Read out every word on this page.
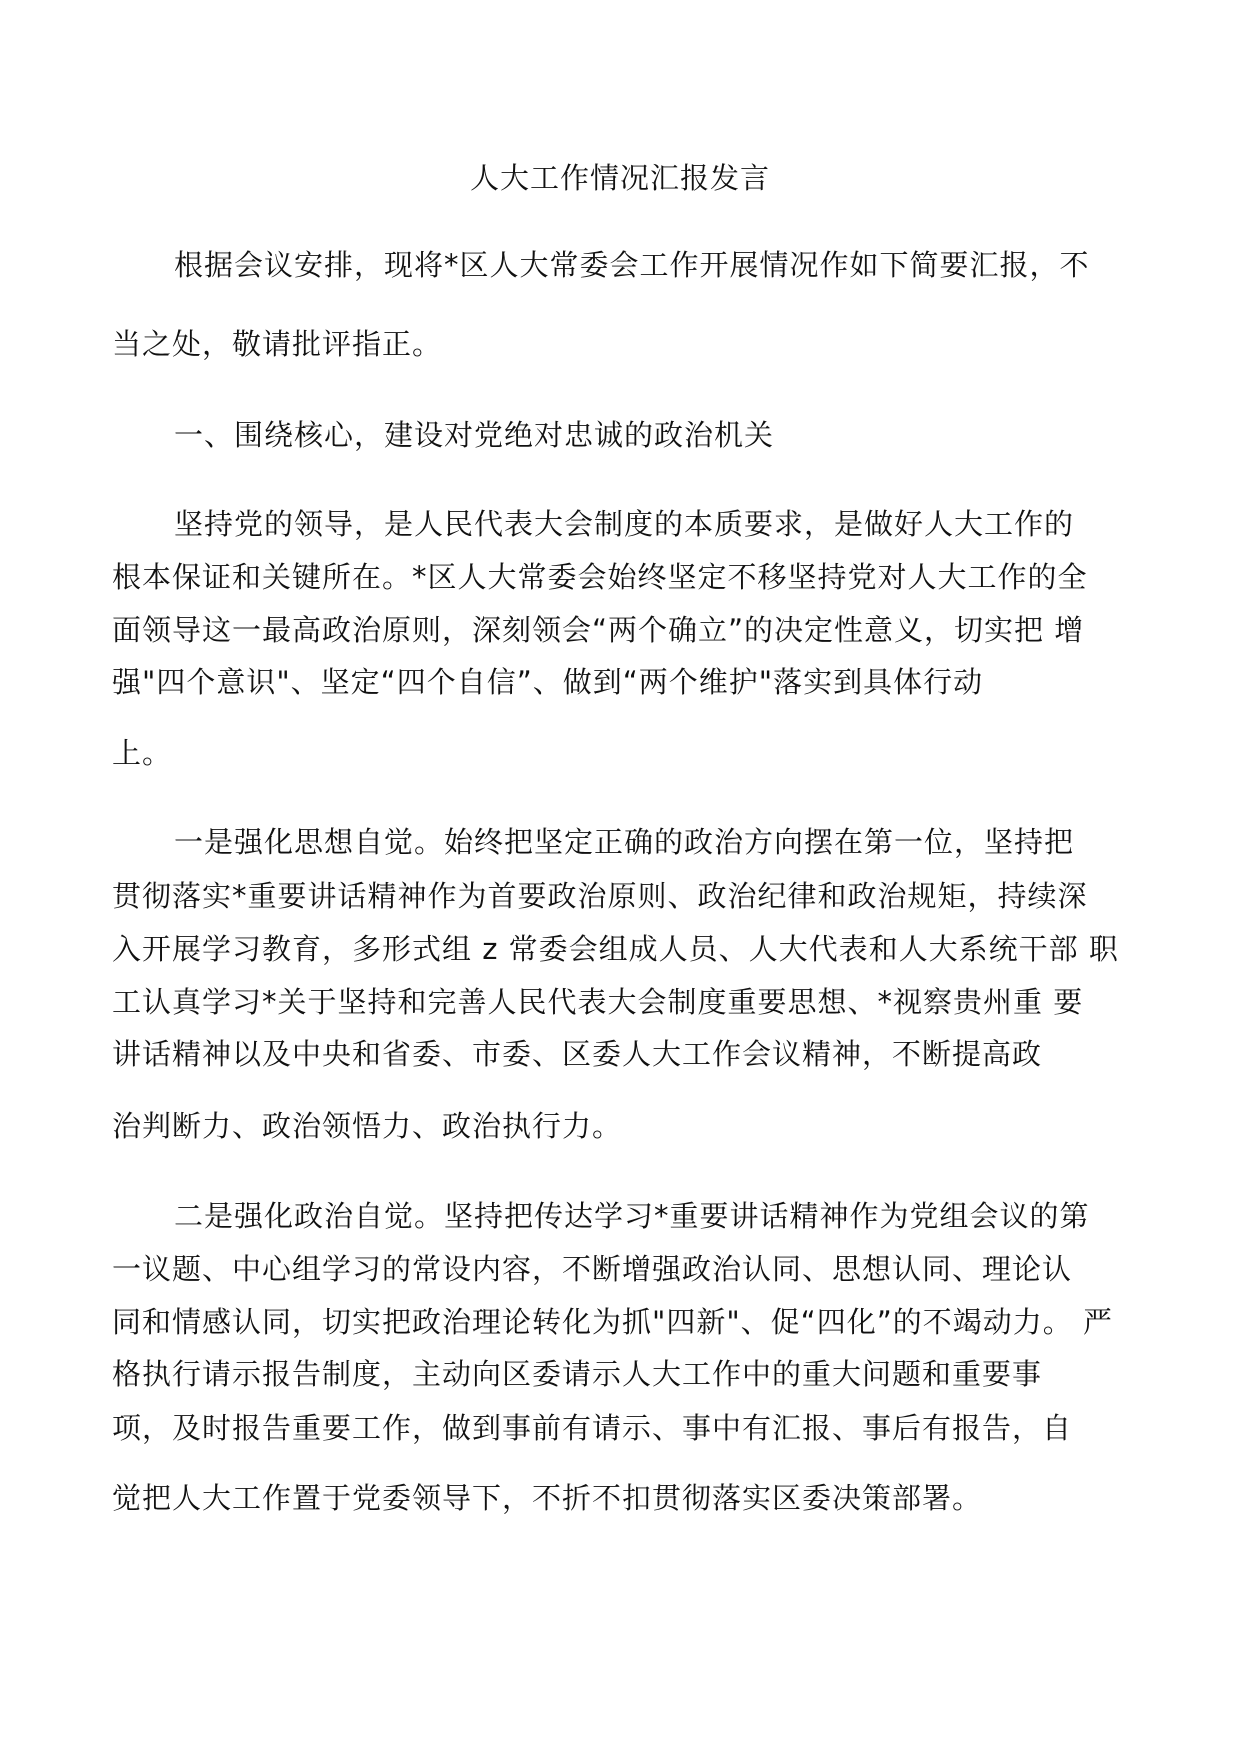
人大工作情况汇报发言
根据会议安排，现将*区人大常委会工作开展情况作如下简要汇报，不
当之处，敬请批评指正。
一、围绕核心，建设对党绝对忠诚的政治机关
坚持党的领导，是人民代表大会制度的本质要求，是做好人大工作的
根本保证和关键所在。*区人大常委会始终坚定不移坚持党对人大工作的全
面领导这一最高政治原则，深刻领会“两个确立”的决定性意义，切实把 增
强"四个意识"、坚定“四个自信”、做到“两个维护"落实到具体行动
上。
一是强化思想自觉。始终把坚定正确的政治方向摆在第一位，坚持把
贯彻落实*重要讲话精神作为首要政治原则、政治纪律和政治规矩，持续深
入开展学习教育，多形式组 z 常委会组成人员、人大代表和人大系统干部 职
工认真学习*关于坚持和完善人民代表大会制度重要思想、*视察贵州重 要
讲话精神以及中央和省委、市委、区委人大工作会议精神，不断提高政
治判断力、政治领悟力、政治执行力。
二是强化政治自觉。坚持把传达学习*重要讲话精神作为党组会议的第
一议题、中心组学习的常设内容，不断增强政治认同、思想认同、理论认
同和情感认同，切实把政治理论转化为抓"四新"、促“四化”的不竭动力。 严
格执行请示报告制度，主动向区委请示人大工作中的重大问题和重要事
项，及时报告重要工作，做到事前有请示、事中有汇报、事后有报告，自
觉把人大工作置于党委领导下，不折不扣贯彻落实区委决策部署。
